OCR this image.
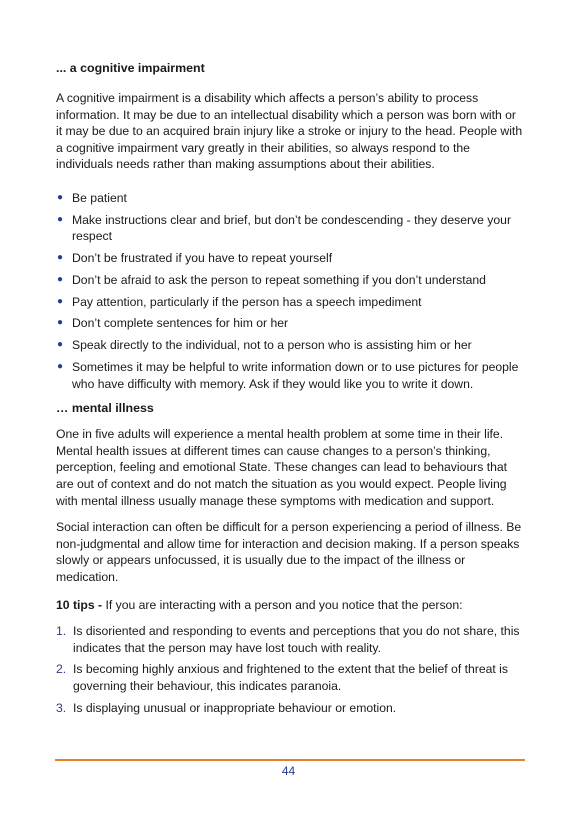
... a cognitive impairment

A cognitive impairment is a disability which affects a person’s ability to process information. It may be due to an intellectual disability which a person was born with or it may be due to an acquired brain injury like a stroke or injury to the head. People with a cognitive impairment vary greatly in their abilities, so always respond to the individuals needs rather than making assumptions about their abilities.

● Be patient
● Make instructions clear and brief, but don’t be condescending - they deserve your respect
● Don’t be frustrated if you have to repeat yourself
● Don’t be afraid to ask the person to repeat something if you don’t understand
● Pay attention, particularly if the person has a speech impediment
● Don’t complete sentences for him or her
● Speak directly to the individual, not to a person who is assisting him or her
● Sometimes it may be helpful to write information down or to use pictures for people who have difficulty with memory. Ask if they would like you to write it down.
… mental illness

One in five adults will experience a mental health problem at some time in their life. Mental health issues at different times can cause changes to a person’s thinking, perception, feeling and emotional State. These changes can lead to behaviours that are out of context and do not match the situation as you would expect. People living with mental illness usually manage these symptoms with medication and support.

Social interaction can often be difficult for a person experiencing a period of illness. Be non-judgmental and allow time for interaction and decision making. If a person speaks slowly or appears unfocussed, it is usually due to the impact of the illness or medication.

10 tips - If you are interacting with a person and you notice that the person:

1. Is disoriented and responding to events and perceptions that you do not share, this indicates that the person may have lost touch with reality.
2. Is becoming highly anxious and frightened to the extent that the belief of threat is governing their behaviour, this indicates paranoia.
3. Is displaying unusual or inappropriate behaviour or emotion.
44
